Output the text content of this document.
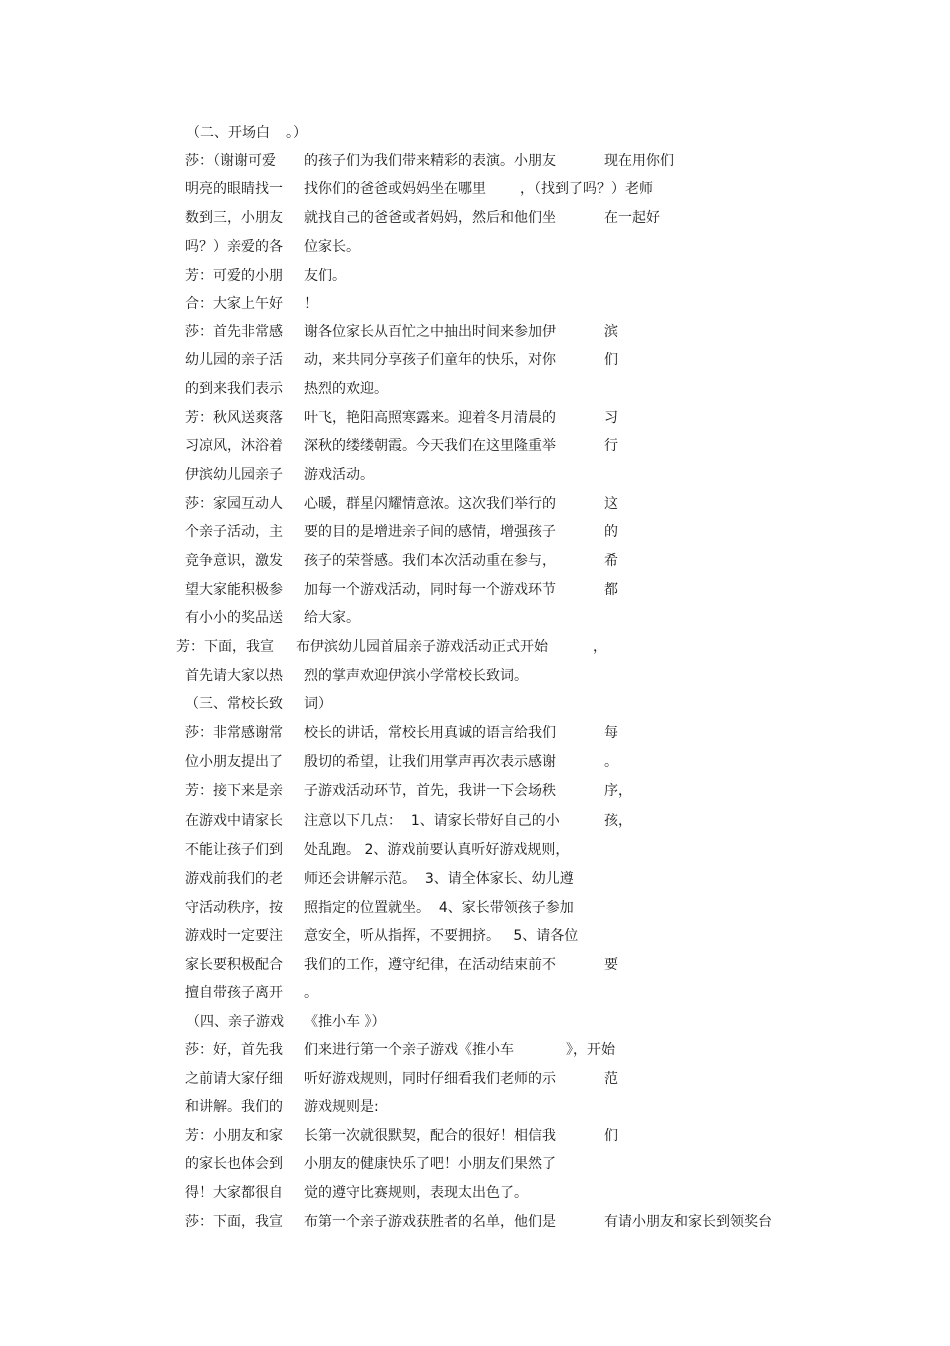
（二、开场白 。）
莎：（谢谢可爱 的孩子们为我们带来精彩的表演。小朋友	现在用你们
明亮的眼睛找一 找你们的爸爸或妈妈坐在哪里 ，（找到了吗？）老师
数到三，小朋友 就找自己的爸爸或者妈妈，然后和他们坐	在一起好
吗？）亲爱的各 位家长。
芳：可爱的小朋 友们。
合：大家上午好 ！
莎：首先非常感 谢各位家长从百忙之中抽出时间来参加伊	滨
幼儿园的亲子活 动，来共同分享孩子们童年的快乐，对你	们
的到来我们表示 热烈的欢迎。
芳：秋风送爽落 叶飞，艳阳高照寒露来。迎着冬月清晨的	习
习凉风，沐浴着 深秋的缕缕朝霞。今天我们在这里隆重举	行
伊滨幼儿园亲子 游戏活动。
莎：家园互动人 心暖，群星闪耀情意浓。这次我们举行的	这
个亲子活动，主 要的目的是增进亲子间的感情，增强孩子	的
竞争意识，激发 孩子的荣誉感。我们本次活动重在参与，	希
望大家能积极参 加每一个游戏活动，同时每一个游戏环节	都
有小小的奖品送 给大家。
芳：下面，我宣 布伊滨幼儿园首届亲子游戏活动正式开始	，
首先请大家以热 烈的掌声欢迎伊滨小学常校长致词。
（三、常校长致 词）
莎：非常感谢常 校长的讲话，常校长用真诚的语言给我们	每
位小朋友提出了 殷切的希望，让我们用掌声再次表示感谢	。
芳：接下来是亲 子游戏活动环节，首先，我讲一下会场秩	序，
在游戏中请家长 注意以下几点：  1、请家长带好自己的小	孩，
不能让孩子们到 处乱跑。 2、游戏前要认真听好游戏规则，
游戏前我们的老 师还会讲解示范。  3、请全体家长、幼儿遵
守活动秩序，按 照指定的位置就坐。  4、家长带领孩子参加
游戏时一定要注 意安全，听从指挥，不要拥挤。   5、请各位
家长要积极配合 我们的工作，遵守纪律，在活动结束前不	要
擅自带孩子离开 。
（四、亲子游戏 《推小车 》）
莎：好，首先我 们来进行第一个亲子游戏《推小车	》，开始
之前请大家仔细 听好游戏规则，同时仔细看我们老师的示	范
和讲解。我们的 游戏规则是:
芳：小朋友和家 长第一次就很默契，配合的很好！相信我	们
的家长也体会到 小朋友的健康快乐了吧！小朋友们果然了
得！大家都很自 觉的遵守比赛规则，表现太出色了。
莎：下面，我宣 布第一个亲子游戏获胜者的名单，他们是	有请小朋友和家长到领奖台
